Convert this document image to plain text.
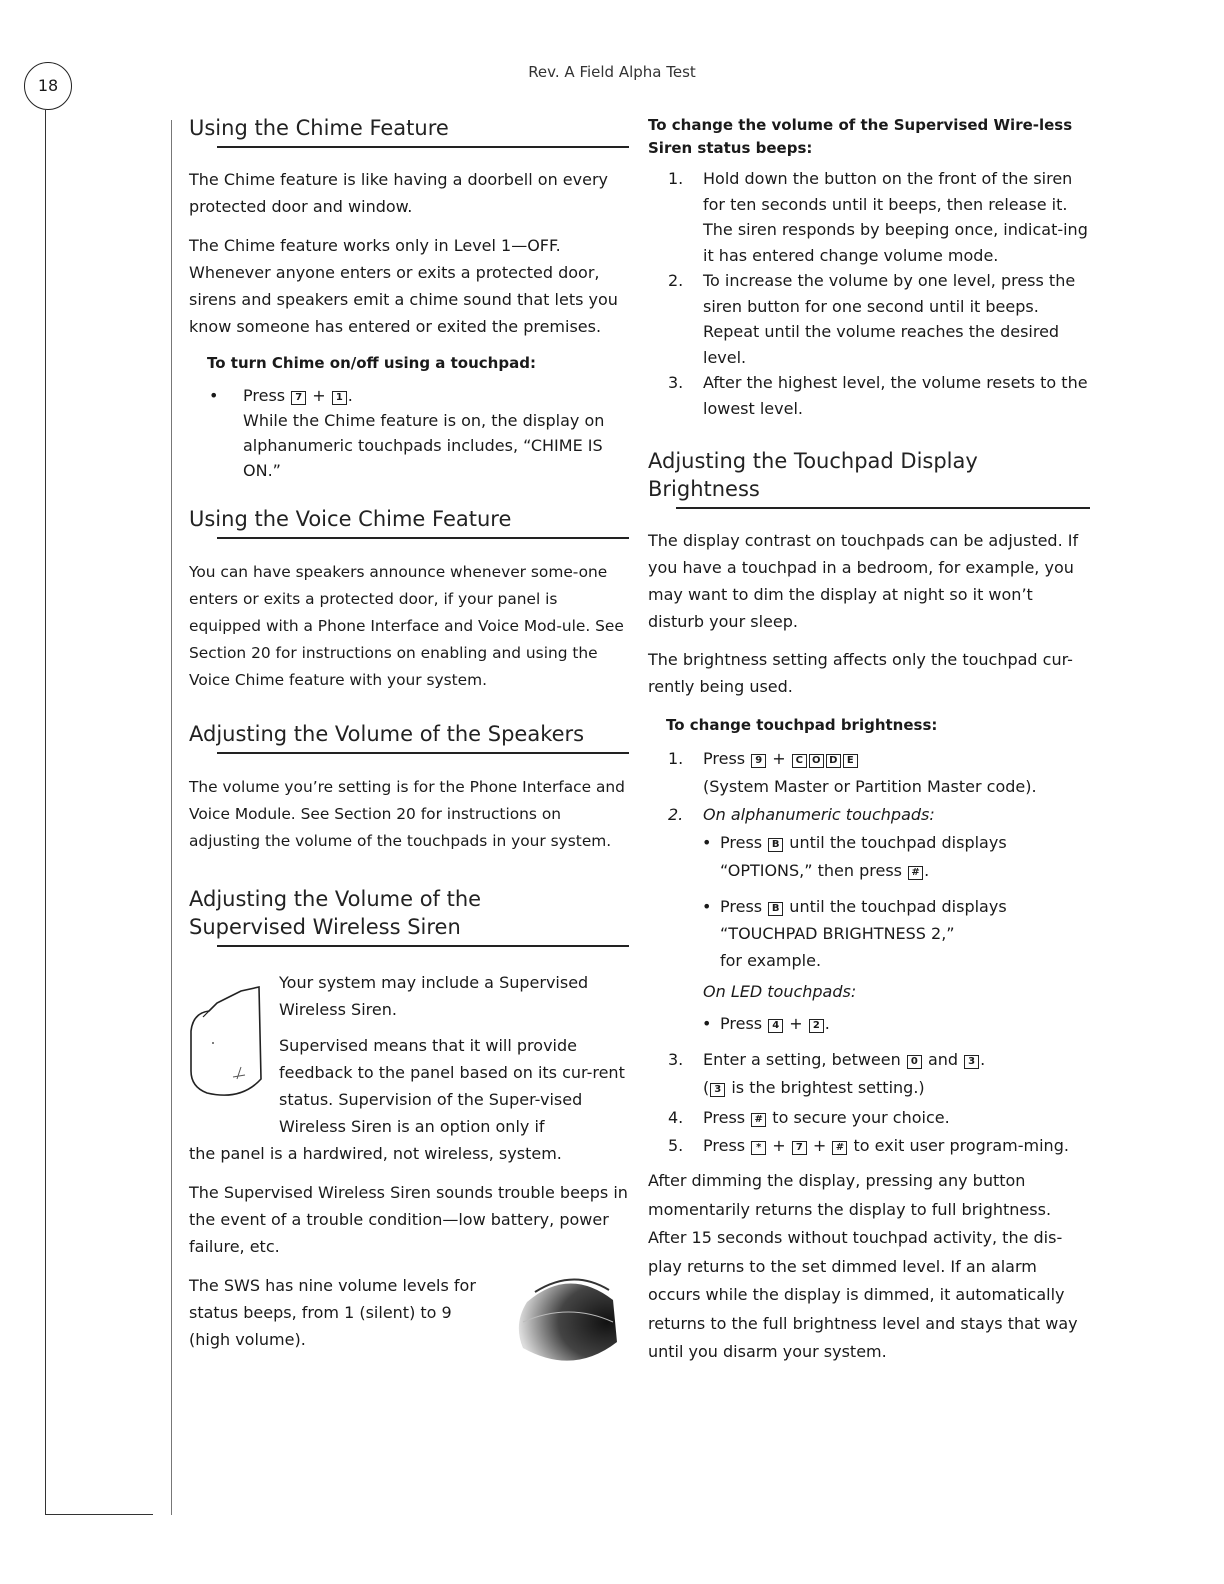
18
Rev. A Field Alpha Test
Using the Chime Feature

The Chime feature is like having a doorbell on every protected door and window.

The Chime feature works only in Level 1—OFF. Whenever anyone enters or exits a protected door, sirens and speakers emit a chime sound that lets you know someone has entered or exited the premises.

To turn Chime on/off using a touchpad:

• Press 7 + 1 .
While the Chime feature is on, the display on alphanumeric touchpads includes, “CHIME IS ON.”
Using the Voice Chime Feature

You can have speakers announce whenever some-one enters or exits a protected door, if your panel is equipped with a Phone Interface and Voice Mod-ule. See Section 20 for instructions on enabling and using the Voice Chime feature with your system.

Adjusting the Volume of the Speakers

The volume you’re setting is for the Phone Interface and Voice Module. See Section 20 for instructions on adjusting the volume of the touchpads in your system.

Adjusting the Volume of the
Supervised Wireless Siren

Your system may include a Supervised Wireless Siren.

Supervised means that it will provide feedback to the panel based on its cur-rent status. Supervision of the Super-vised Wireless Siren is an option only if

the panel is a hardwired, not wireless, system.

The Supervised Wireless Siren sounds trouble beeps in the event of a trouble condition—low battery, power failure, etc.

The SWS has nine volume levels for status beeps, from 1 (silent) to 9 (high volume).

To change the volume of the Supervised Wire-less Siren status beeps:

1. Hold down the button on the front of the siren for ten seconds until it beeps, then release it.
The siren responds by beeping once, indicat-ing it has entered change volume mode.
2. To increase the volume by one level, press the siren button for one second until it beeps. Repeat until the volume reaches the desired level.
3. After the highest level, the volume resets to the lowest level.
Adjusting the Touchpad Display Brightness

The display contrast on touchpads can be adjusted. If you have a touchpad in a bedroom, for example, you may want to dim the display at night so it won’t disturb your sleep.

The brightness setting affects only the touchpad cur-rently being used.

To change touchpad brightness:

1. Press 9 + C O D E
(System Master or Partition Master code).
2. On alphanumeric touchpads:
• Press B until the touchpad displays “OPTIONS,” then press # .
• Press B until the touchpad displays “TOUCHPAD BRIGHTNESS 2,”
for example.
On LED touchpads:
• Press 4 + 2 .
3. Enter a setting, between 0 and 3 .
( 3 is the brightest setting.)
4. Press # to secure your choice.
5. Press * + 7 + # to exit user program-ming.

After dimming the display, pressing any button momentarily returns the display to full brightness. After 15 seconds without touchpad activity, the dis-play returns to the set dimmed level. If an alarm occurs while the display is dimmed, it automatically returns to the full brightness level and stays that way until you disarm your system.
